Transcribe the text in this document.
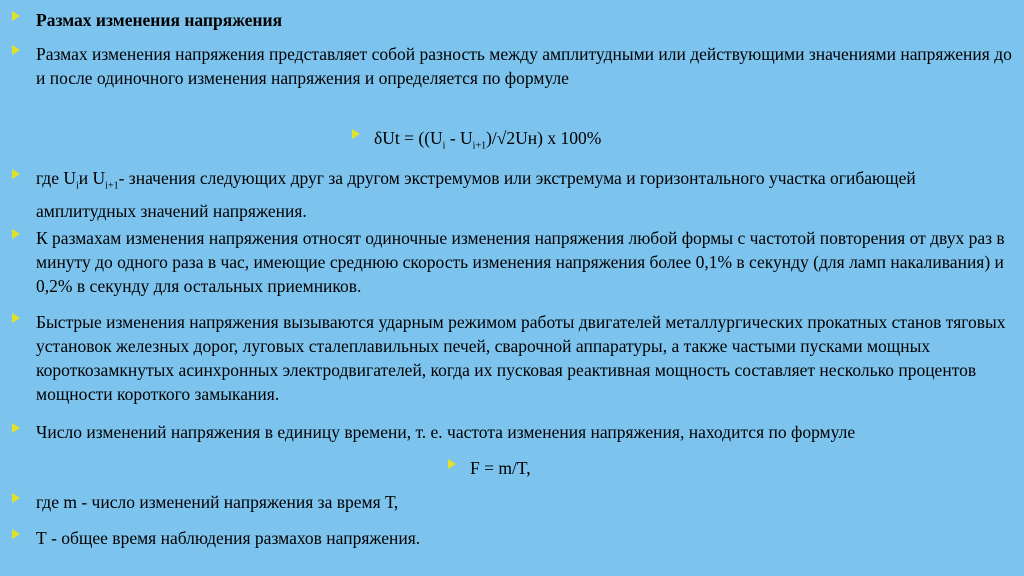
Размах изменения напряжения
Размах изменения напряжения представляет собой разность между амплитудными или действующими значениями напряжения до и после одиночного изменения напряжения и определяется по формуле
$\delta Ut = ((U_i - U_{i+1})/√2Uн)$ х 100%
где $U_iи$ $U_{i+1}-$ значения следующих друг за другом экстремумов или экстремума и горизонтального участка огибающей амплитудных значений напряжения.
К размахам изменения напряжения относят одиночные изменения напряжения любой формы с частотой повторения от двух раз в минуту до одного раза в час, имеющие среднюю скорость изменения напряжения более 0,1% в секунду (для ламп накаливания) и 0,2% в секунду для остальных приемников.
Быстрые изменения напряжения вызываются ударным режимом работы двигателей металлургических прокатных станов тяговых установок железных дорог, луговых сталеплавильных печей, сварочной аппаратуры, а также частыми пусками мощных короткозамкнутых асинхронных электродвигателей, когда их пусковая реактивная мощность составляет несколько процентов мощности короткого замыкания.
Число изменений напряжения в единицу времени, т. е. частота изменения напряжения, находится по формуле
F = m/T,
где m - число изменений напряжения за время Т,
Т - общее время наблюдения размахов напряжения.
